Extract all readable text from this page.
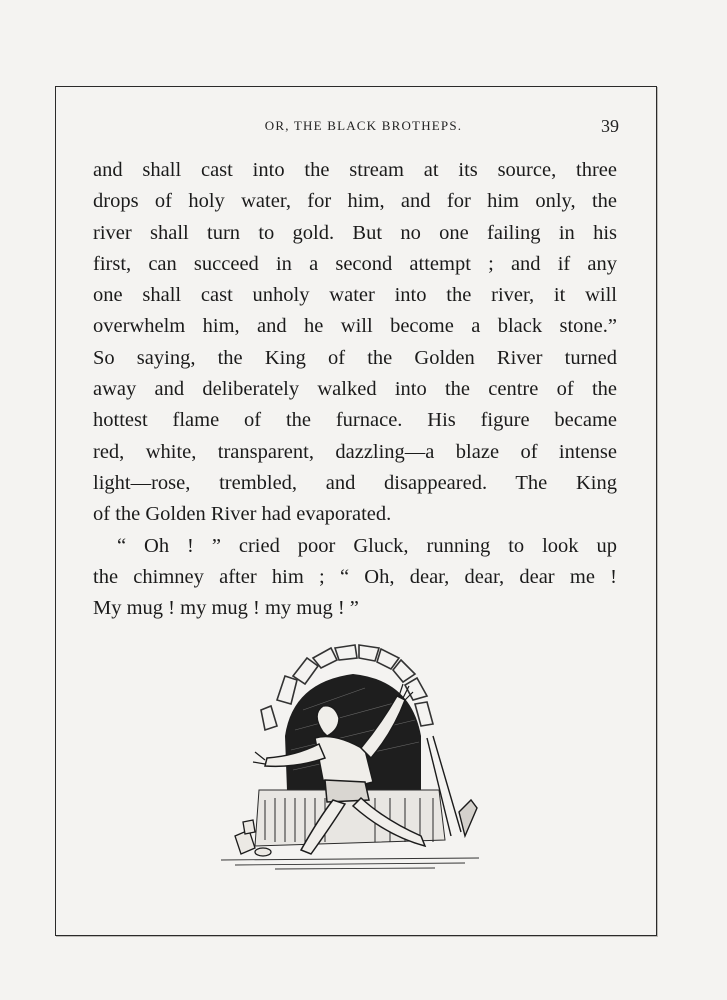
OR, THE BLACK BROTHEPS.	39
and shall cast into the stream at its source, three
drops of holy water, for him, and for him only, the
river shall turn to gold. But no one failing in his
first, can succeed in a second attempt ; and if any
one shall cast unholy water into the river, it will
overwhelm him, and he will become a black stone.”
So saying, the King of the Golden River turned
away and deliberately walked into the centre of the
hottest flame of the furnace. His figure became
red, white, transparent, dazzling—a blaze of intense
light—rose, trembled, and disappeared. The King
of the Golden River had evaporated.
“ Oh ! ” cried poor Gluck, running to look up
the chimney after him ; “ Oh, dear, dear, dear me !
My mug ! my mug ! my mug ! ”
